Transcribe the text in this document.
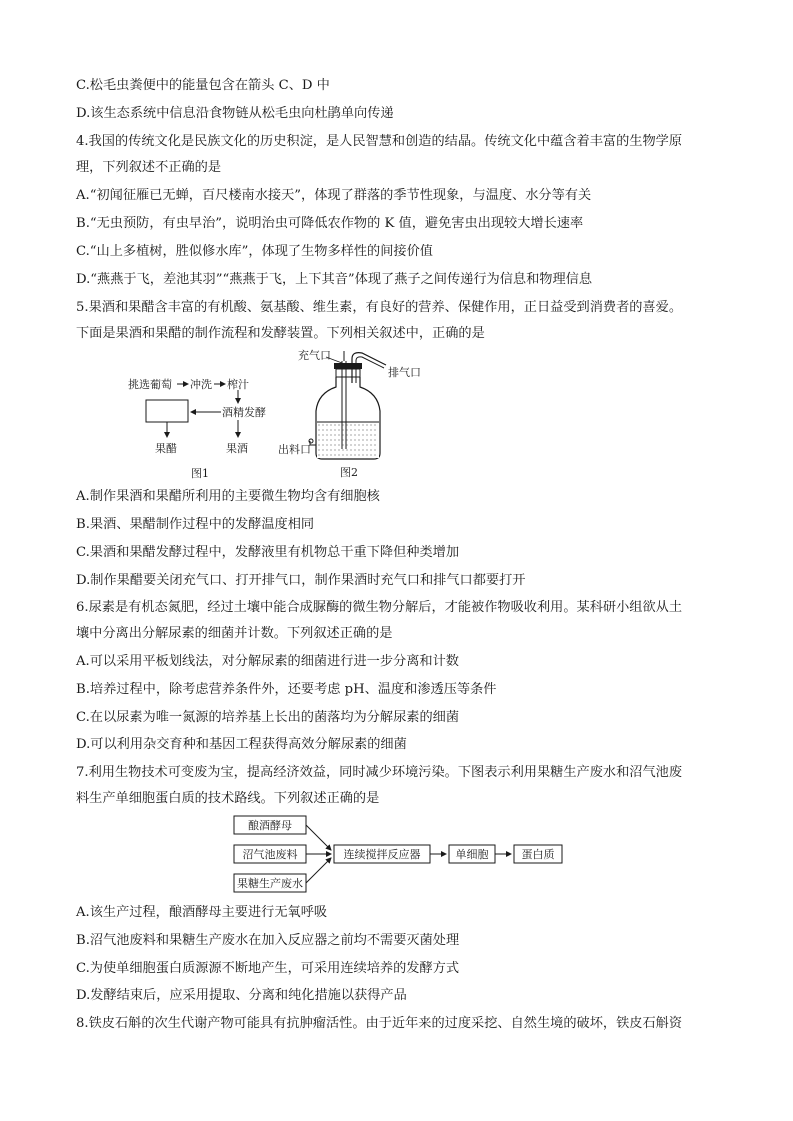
C.松毛虫粪便中的能量包含在箭头 C、D 中
D.该生态系统中信息沿食物链从松毛虫向杜鹃单向传递
4.我国的传统文化是民族文化的历史积淀，是人民智慧和创造的结晶。传统文化中蕴含着丰富的生物学原
理，下列叙述不正确的是
A.“初闻征雁已无蝉，百尺楼南水接天”，体现了群落的季节性现象，与温度、水分等有关
B.“无虫预防，有虫早治”，说明治虫可降低农作物的 K 值，避免害虫出现较大增长速率
C.“山上多植树，胜似修水库”，体现了生物多样性的间接价值
D.“燕燕于飞，差池其羽”“燕燕于飞，上下其音”体现了燕子之间传递行为信息和物理信息
5.果酒和果醋含丰富的有机酸、氨基酸、维生素，有良好的营养、保健作用，正日益受到消费者的喜爱。
下面是果酒和果醋的制作流程和发酵装置。下列相关叙述中，正确的是
挑选葡萄 冲洗 榨汁
酒精发酵
果醋	果酒
图1
充气口
排气口
出料口
图2
A.制作果酒和果醋所利用的主要微生物均含有细胞核
B.果酒、果醋制作过程中的发酵温度相同
C.果酒和果醋发酵过程中，发酵液里有机物总干重下降但种类增加
D.制作果醋要关闭充气口、打开排气口，制作果酒时充气口和排气口都要打开
6.尿素是有机态氮肥，经过土壤中能合成脲酶的微生物分解后，才能被作物吸收利用。某科研小组欲从土
壤中分离出分解尿素的细菌并计数。下列叙述正确的是
A.可以采用平板划线法，对分解尿素的细菌进行进一步分离和计数
B.培养过程中，除考虑营养条件外，还要考虑 pH、温度和渗透压等条件
C.在以尿素为唯一氮源的培养基上长出的菌落均为分解尿素的细菌
D.可以利用杂交育种和基因工程获得高效分解尿素的细菌
7.利用生物技术可变废为宝，提高经济效益，同时减少环境污染。下图表示利用果糖生产废水和沼气池废
料生产单细胞蛋白质的技术路线。下列叙述正确的是
酿酒酵母
沼气池废料
果糖生产废水
连续搅拌反应器	单细胞	蛋白质
A.该生产过程，酿酒酵母主要进行无氧呼吸
B.沼气池废料和果糖生产废水在加入反应器之前均不需要灭菌处理
C.为使单细胞蛋白质源源不断地产生，可采用连续培养的发酵方式
D.发酵结束后，应采用提取、分离和纯化措施以获得产品
8.铁皮石斛的次生代谢产物可能具有抗肿瘤活性。由于近年来的过度采挖、自然生境的破坏，铁皮石斛资
